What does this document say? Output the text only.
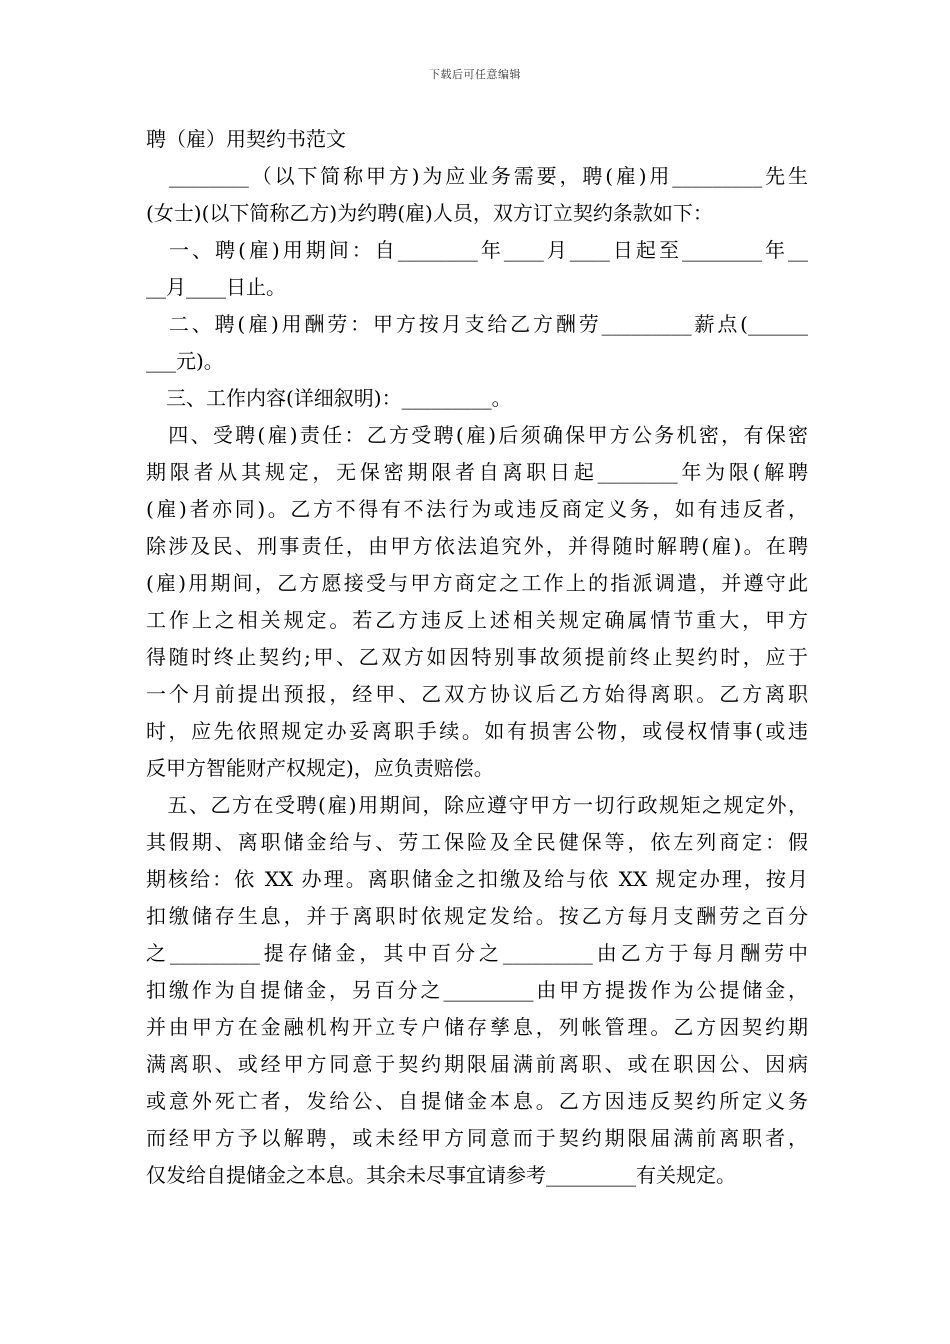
下载后可任意编辑
聘（雇）用契约书范文
　________（以下简称甲方)为应业务需要，聘(雇)用_________先生
(女士)(以下简称乙方)为约聘(雇)人员，双方订立契约条款如下：
　一、聘(雇)用期间：自________年____月____日起至________年__
__月____日止。
　二、聘(雇)用酬劳：甲方按月支给乙方酬劳_________薪点(______
___元)。
　三、工作内容(详细叙明)：_________。
　四、受聘(雇)责任：乙方受聘(雇)后须确保甲方公务机密，有保密
期限者从其规定，无保密期限者自离职日起________年为限(解聘
(雇)者亦同)。乙方不得有不法行为或违反商定义务，如有违反者，
除涉及民、刑事责任，由甲方依法追究外，并得随时解聘(雇)。在聘
(雇)用期间，乙方愿接受与甲方商定之工作上的指派调遣，并遵守此
工作上之相关规定。若乙方违反上述相关规定确属情节重大，甲方
得随时终止契约;甲、乙双方如因特别事故须提前终止契约时，应于
一个月前提出预报，经甲、乙双方协议后乙方始得离职。乙方离职
时，应先依照规定办妥离职手续。如有损害公物，或侵权情事(或违
反甲方智能财产权规定)，应负责赔偿。
　五、乙方在受聘(雇)用期间，除应遵守甲方一切行政规矩之规定外，
其假期、离职储金给与、劳工保险及全民健保等，依左列商定：假
期核给：依 XX 办理。离职储金之扣缴及给与依 XX 规定办理，按月
扣缴储存生息，并于离职时依规定发给。按乙方每月支酬劳之百分
之_________提存储金，其中百分之_________由乙方于每月酬劳中
扣缴作为自提储金，另百分之_________由甲方提拨作为公提储金，
并由甲方在金融机构开立专户储存孳息，列帐管理。乙方因契约期
满离职、或经甲方同意于契约期限届满前离职、或在职因公、因病
或意外死亡者，发给公、自提储金本息。乙方因违反契约所定义务
而经甲方予以解聘，或未经甲方同意而于契约期限届满前离职者，
仅发给自提储金之本息。其余未尽事宜请参考_________有关规定。
